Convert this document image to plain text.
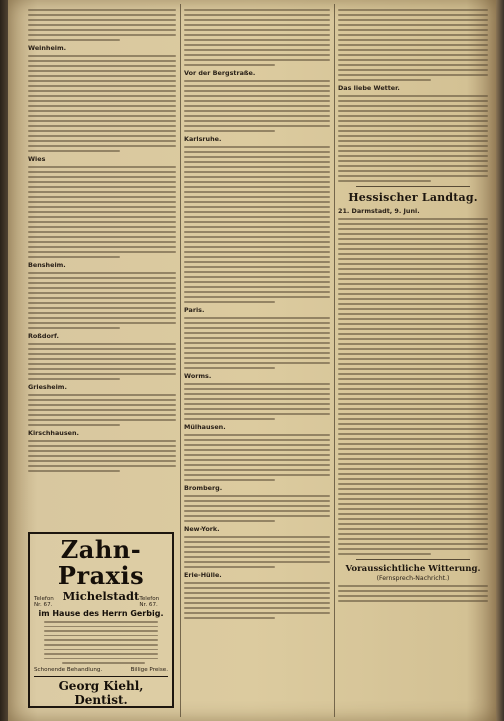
Weinheim.
Wies
Bensheim.
Roßdorf.
Griesheim.
Kirschhausen.
Zahn-Praxis
Telefon Nr. 67.
Michelstadt Telefon Nr. 67.
im Hause des Herrn Gerbig.
Schonende Behandlung.	Billige Preise.
Georg Kiehl, Dentist.
Vor der Bergstraße.
Karlsruhe.
Paris.
Worms.
Mülhausen.
Bromberg.
New-York.
Erie-Hülle.
Das liebe Wetter.
Hessischer Landtag.
21. Darmstadt, 9. Juni.
Voraussichtliche Witterung.
(Fernsprech-Nachricht.)
